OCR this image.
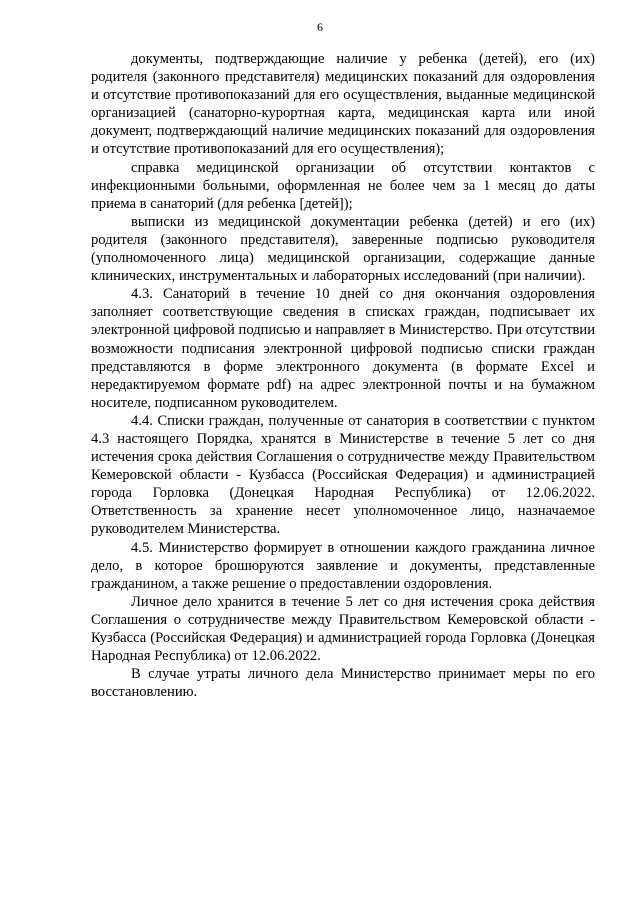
6

документы, подтверждающие наличие у ребенка (детей), его (их) родителя (законного представителя) медицинских показаний для оздоровления и отсутствие противопоказаний для его осуществления, выданные медицинской организацией (санаторно-курортная карта, медицинская карта или иной документ, подтверждающий наличие медицинских показаний для оздоровления и отсутствие противопоказаний для его осуществления);

справка медицинской организации об отсутствии контактов с инфекционными больными, оформленная не более чем за 1 месяц до даты приема в санаторий (для ребенка [детей]);

выписки из медицинской документации ребенка (детей) и его (их) родителя (законного представителя), заверенные подписью руководителя (уполномоченного лица) медицинской организации, содержащие данные клинических, инструментальных и лабораторных исследований (при наличии).

4.3. Санаторий в течение 10 дней со дня окончания оздоровления заполняет соответствующие сведения в списках граждан, подписывает их электронной цифровой подписью и направляет в Министерство. При отсутствии возможности подписания электронной цифровой подписью списки граждан представляются в форме электронного документа (в формате Excel и нередактируемом формате pdf) на адрес электронной почты и на бумажном носителе, подписанном руководителем.

4.4. Списки граждан, полученные от санатория в соответствии с пунктом 4.3 настоящего Порядка, хранятся в Министерстве в течение 5 лет со дня истечения срока действия Соглашения о сотрудничестве между Правительством Кемеровской области - Кузбасса (Российская Федерация) и администрацией города Горловка (Донецкая Народная Республика) от 12.06.2022. Ответственность за хранение несет уполномоченное лицо, назначаемое руководителем Министерства.

4.5. Министерство формирует в отношении каждого гражданина личное дело, в которое брошюруются заявление и документы, представленные гражданином, а также решение о предоставлении оздоровления.

Личное дело хранится в течение 5 лет со дня истечения срока действия Соглашения о сотрудничестве между Правительством Кемеровской области - Кузбасса (Российская Федерация) и администрацией города Горловка (Донецкая Народная Республика) от 12.06.2022.

В случае утраты личного дела Министерство принимает меры по его восстановлению.
